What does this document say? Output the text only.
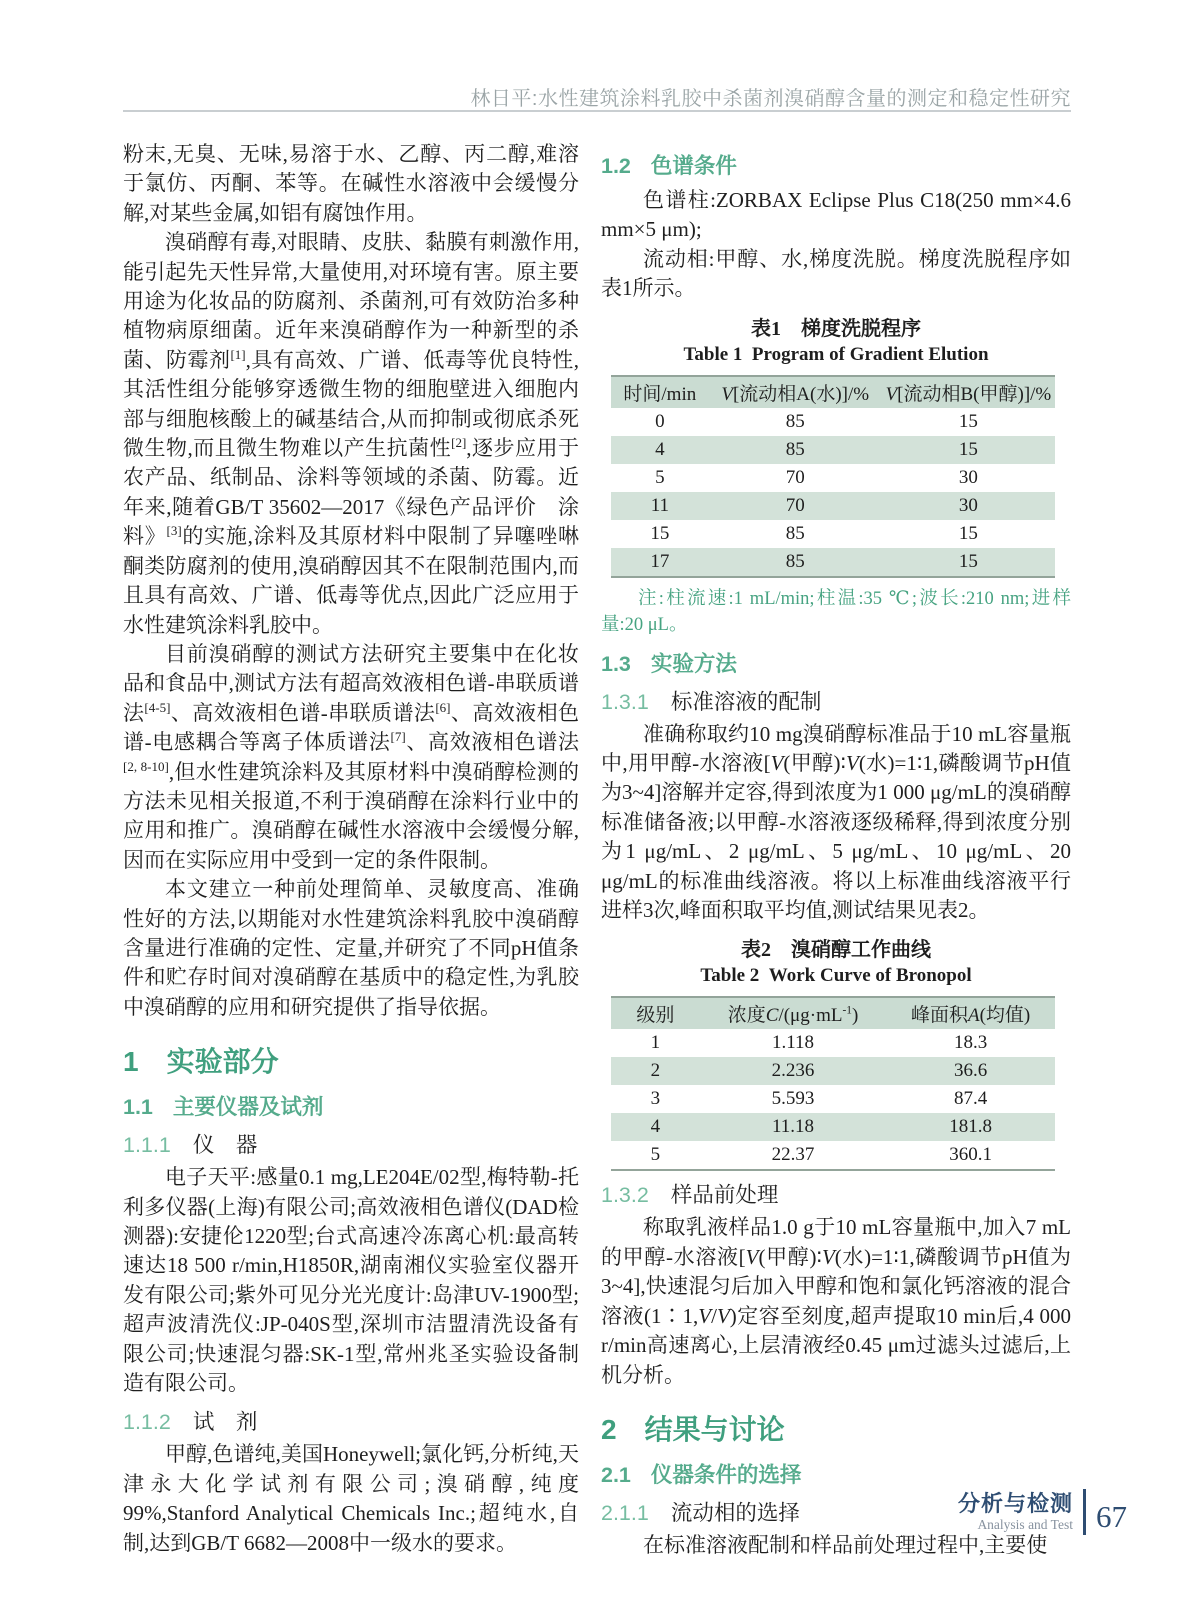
林日平:水性建筑涂料乳胶中杀菌剂溴硝醇含量的测定和稳定性研究

粉末,无臭、无味,易溶于水、乙醇、丙二醇,难溶于氯仿、丙酮、苯等。在碱性水溶液中会缓慢分解,对某些金属,如铝有腐蚀作用。

溴硝醇有毒,对眼睛、皮肤、黏膜有刺激作用,能引起先天性异常,大量使用,对环境有害。原主要用途为化妆品的防腐剂、杀菌剂,可有效防治多种植物病原细菌。近年来溴硝醇作为一种新型的杀菌、防霉剂[1],具有高效、广谱、低毒等优良特性,其活性组分能够穿透微生物的细胞壁进入细胞内部与细胞核酸上的碱基结合,从而抑制或彻底杀死微生物,而且微生物难以产生抗菌性[2],逐步应用于农产品、纸制品、涂料等领域的杀菌、防霉。近年来,随着GB/T 35602—2017《绿色产品评价　涂料》[3]的实施,涂料及其原材料中限制了异噻唑啉酮类防腐剂的使用,溴硝醇因其不在限制范围内,而且具有高效、广谱、低毒等优点,因此广泛应用于水性建筑涂料乳胶中。

目前溴硝醇的测试方法研究主要集中在化妆品和食品中,测试方法有超高效液相色谱-串联质谱法[4-5]、高效液相色谱-串联质谱法[6]、高效液相色谱-电感耦合等离子体质谱法[7]、高效液相色谱法[2, 8-10],但水性建筑涂料及其原材料中溴硝醇检测的方法未见相关报道,不利于溴硝醇在涂料行业中的应用和推广。溴硝醇在碱性水溶液中会缓慢分解,因而在实际应用中受到一定的条件限制。

本文建立一种前处理简单、灵敏度高、准确性好的方法,以期能对水性建筑涂料乳胶中溴硝醇含量进行准确的定性、定量,并研究了不同pH值条件和贮存时间对溴硝醇在基质中的稳定性,为乳胶中溴硝醇的应用和研究提供了指导依据。

1 实验部分
1.1 主要仪器及试剂
1.1.1 仪　器

电子天平:感量0.1 mg,LE204E/02型,梅特勒-托利多仪器(上海)有限公司;高效液相色谱仪(DAD检测器):安捷伦1220型;台式高速冷冻离心机:最高转速达18 500 r/min,H1850R,湖南湘仪实验室仪器开发有限公司;紫外可见分光光度计:岛津UV-1900型;超声波清洗仪:JP-040S型,深圳市洁盟清洗设备有限公司;快速混匀器:SK-1型,常州兆圣实验设备制造有限公司。

1.1.2 试　剂

甲醇,色谱纯,美国Honeywell;氯化钙,分析纯,天津永大化学试剂有限公司;溴硝醇,纯度99%,Stanford Analytical Chemicals Inc.;超纯水,自制,达到GB/T 6682—2008中一级水的要求。

1.2 色谱条件

色谱柱:ZORBAX Eclipse Plus C18(250 mm×4.6 mm×5 μm);

流动相:甲醇、水,梯度洗脱。梯度洗脱程序如表1所示。

表1　梯度洗脱程序
Table 1 Program of Gradient Elution
时间/min	V[流动相A(水)]/%	V[流动相B(甲醇)]/%
0	85	15
4	85	15
5	70	30
11	70	30
15	85	15
17	85	15
注:柱流速:1 mL/min;柱温:35 ℃;波长:210 nm;进样量:20 μL。
1.3 实验方法
1.3.1 标准溶液的配制

准确称取约10 mg溴硝醇标准品于10 mL容量瓶中,用甲醇-水溶液[V(甲醇)∶V(水)=1∶1,磷酸调节pH值为3~4]溶解并定容,得到浓度为1 000 μg/mL的溴硝醇标准储备液;以甲醇-水溶液逐级稀释,得到浓度分别为1 μg/mL、2 μg/mL、5 μg/mL、10 μg/mL、20 μg/mL的标准曲线溶液。将以上标准曲线溶液平行进样3次,峰面积取平均值,测试结果见表2。

表2　溴硝醇工作曲线
Table 2 Work Curve of Bronopol
级别	浓度$C/(\mu g\cdot mL^{-1})$	峰面积A(均值)
1	1.118	18.3
2	2.236	36.6
3	5.593	87.4
4	11.18	181.8
5	22.37	360.1
1.3.2 样品前处理

称取乳液样品1.0 g于10 mL容量瓶中,加入7 mL的甲醇-水溶液[V(甲醇)∶V(水)=1∶1,磷酸调节pH值为3~4],快速混匀后加入甲醇和饱和氯化钙溶液的混合溶液(1∶1,V/V)定容至刻度,超声提取10 min后,4 000 r/min高速离心,上层清液经0.45 μm过滤头过滤后,上机分析。

2 结果与讨论
2.1 仪器条件的选择
2.1.1 流动相的选择

在标准溶液配制和样品前处理过程中,主要使

分析与检测
Analysis and Test 67
